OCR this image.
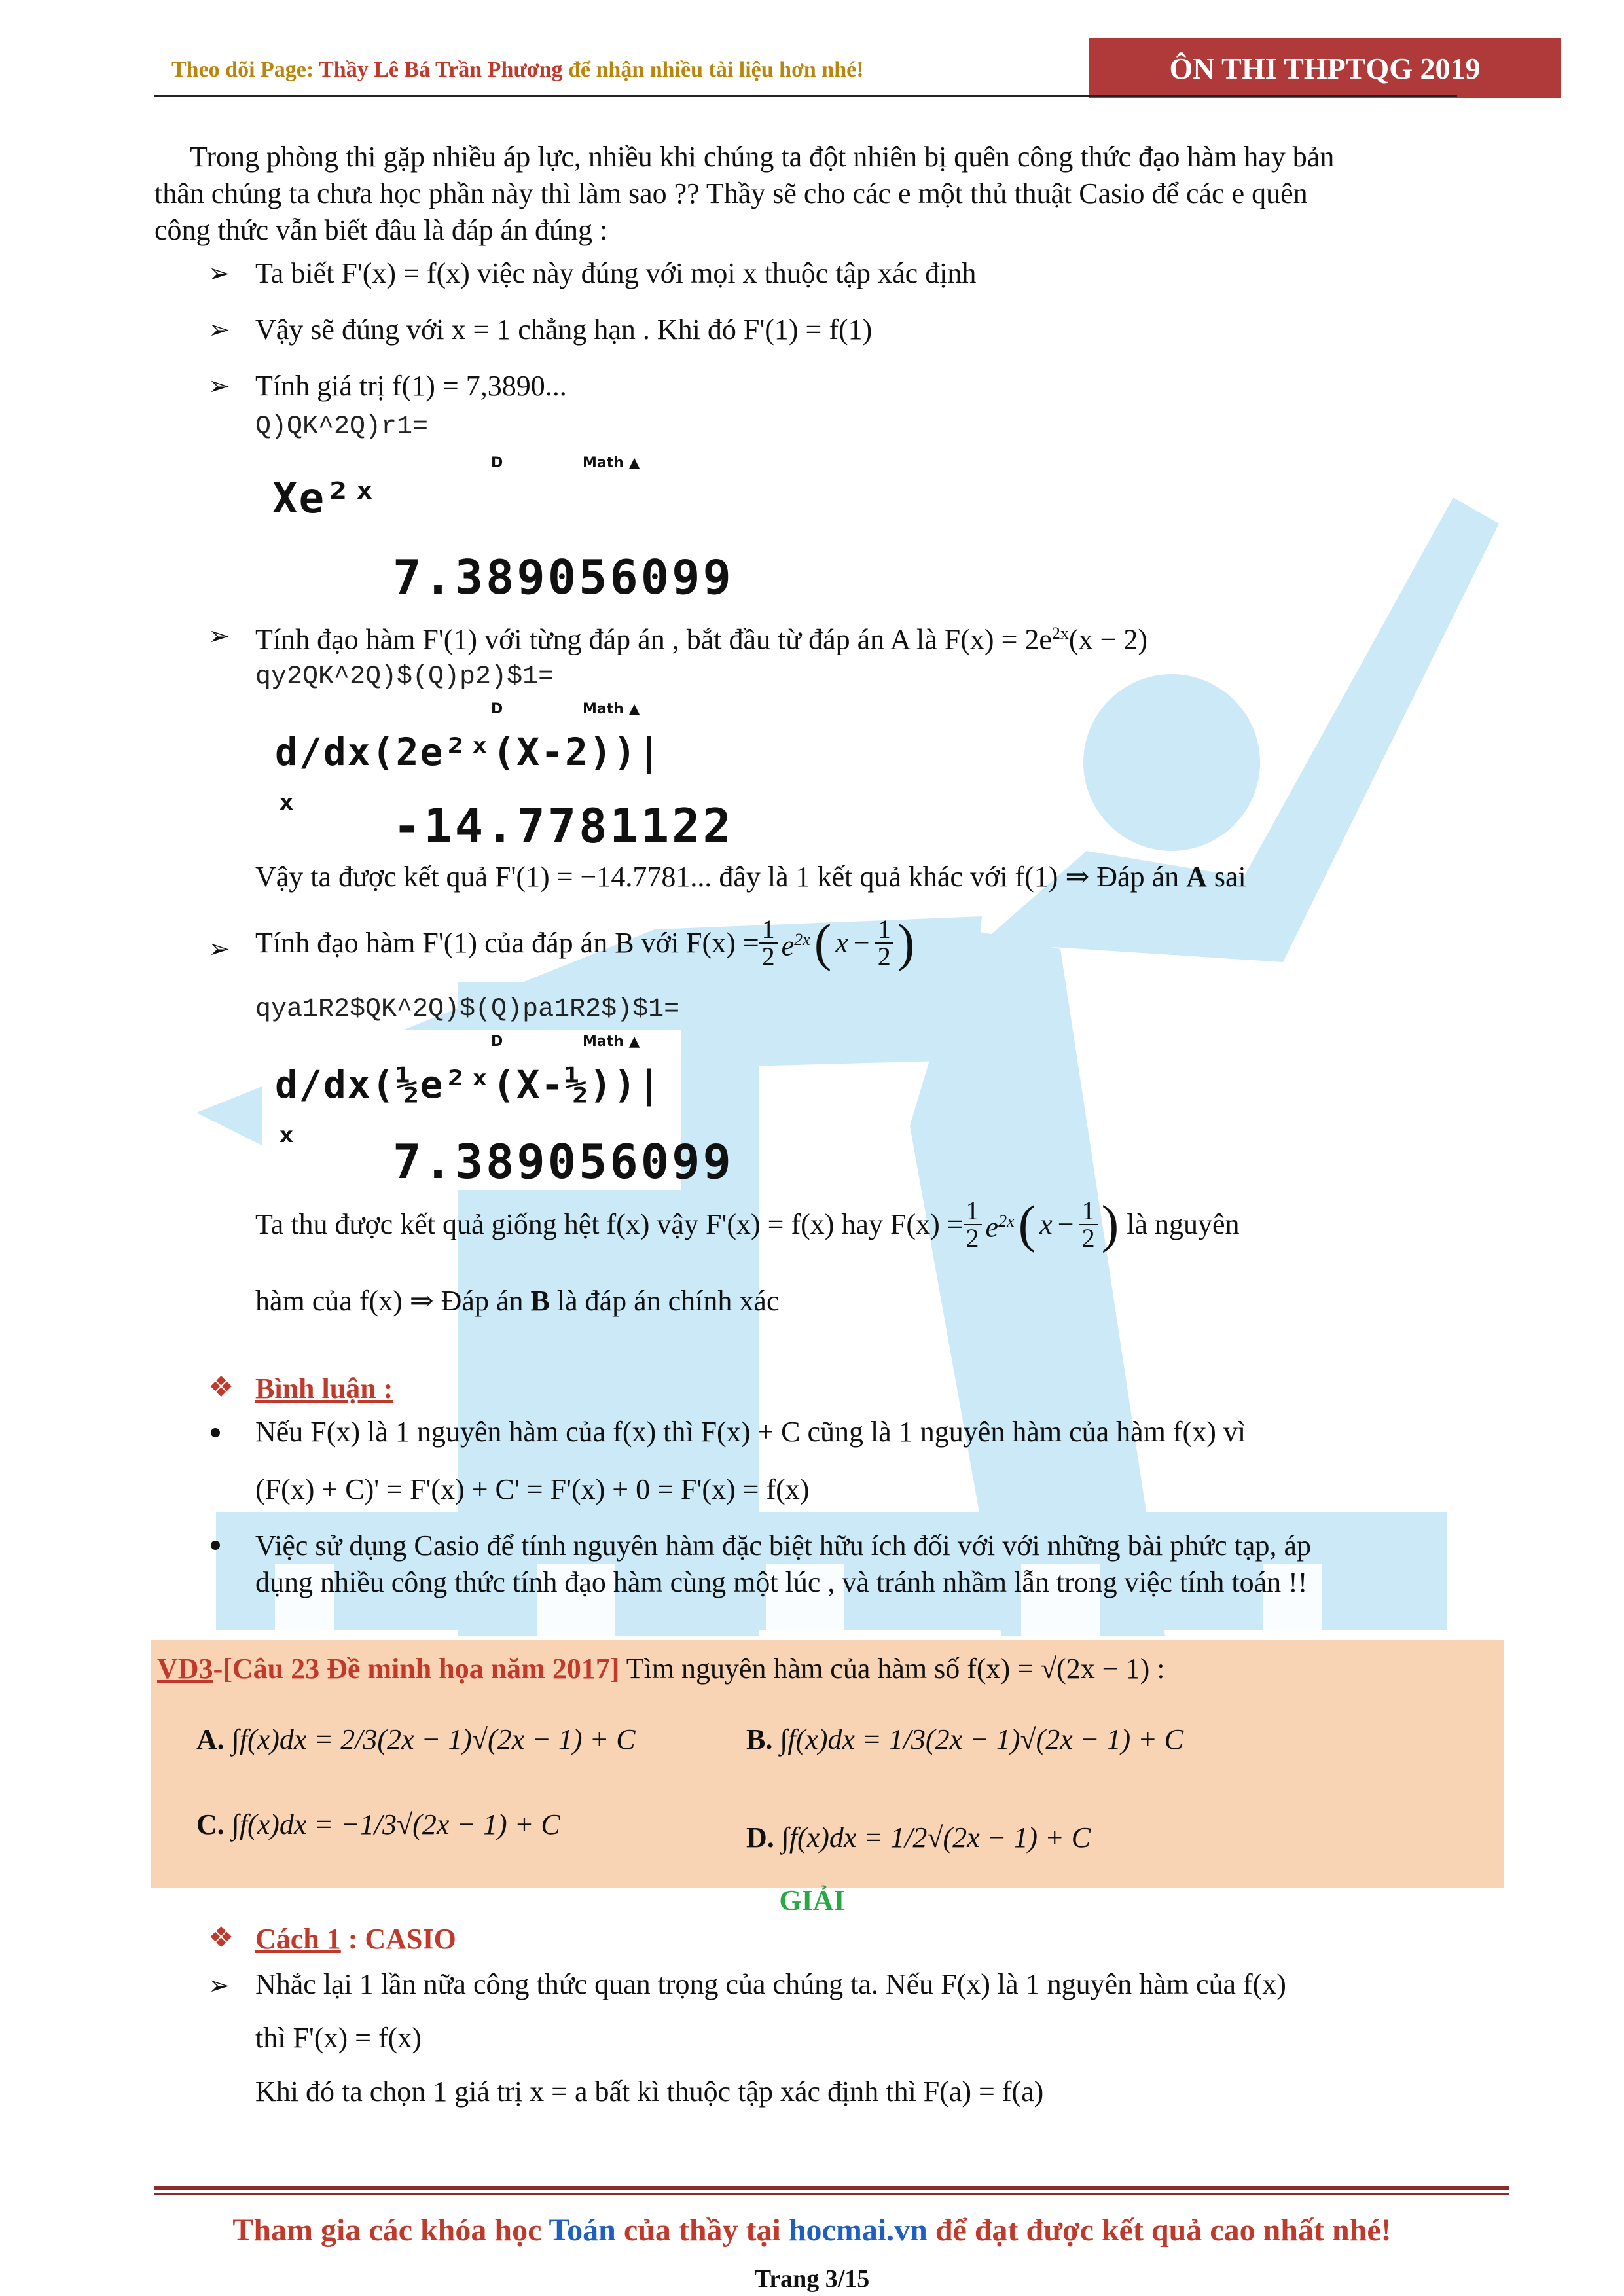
Theo dõi Page: Thầy Lê Bá Trần Phương để nhận nhiều tài liệu hơn nhé!	ÔN THI THPTQG 2019
Trong phòng thi gặp nhiều áp lực, nhiều khi chúng ta đột nhiên bị quên công thức đạo hàm hay bản
thân chúng ta chưa học phần này thì làm sao ?? Thầy sẽ cho các e một thủ thuật Casio để các e quên
công thức vẫn biết đâu là đáp án đúng :
➢ Ta biết F'(x) = f(x) việc này đúng với mọi x thuộc tập xác định
➢ Vậy sẽ đúng với x = 1 chẳng hạn . Khi đó F'(1) = f(1)
➢ Tính giá trị f(1) = 7,3890...
Q)QK^2Q)r1=
D	Math ▲
Xe²ˣ
7.389056099
➢ Tính đạo hàm F'(1) với từng đáp án , bắt đầu từ đáp án A là $F(x) = 2e^{2x}(x - 2)$
qy2QK^2Q)$(Q)p2)$1=
D	Math ▲
d/dx(2e²ˣ(X-2))|ₓ
-14.7781122
Vậy ta được kết quả F'(1) = −14.7781... đây là 1 kết quả khác với f(1) ⇒ Đáp án A sai
➢ Tính đạo hàm F'(1) của đáp án B với $F(x) = \frac{1}{2} e^{2x}$ ( $x - \frac{1}{2}$ )
qya1R2$QK^2Q)$(Q)pa1R2$)$1=
D	Math ▲
d/dx(½e²ˣ(X-½))|ₓ
7.389056099
Ta thu được kết quả giống hệt f(x) vậy F'(x) = f(x) hay $F(x) = \frac{1}{2} e^{2x}$ ( $x - \frac{1}{2}$ ) là nguyên
hàm của f(x) ⇒ Đáp án B là đáp án chính xác
❖ Bình luận :
Nếu F(x) là 1 nguyên hàm của f(x) thì F(x) + C cũng là 1 nguyên hàm của hàm f(x) vì
(F(x) + C)' = F'(x) + C' = F'(x) + 0 = F'(x) = f(x)
Việc sử dụng Casio để tính nguyên hàm đặc biệt hữu ích đối với với những bài phức tạp, áp
dụng nhiều công thức tính đạo hàm cùng một lúc , và tránh nhầm lẫn trong việc tính toán !!
VD3-[Câu 23 Đề minh họa năm 2017] Tìm nguyên hàm của hàm số f(x) = √(2x − 1) :
A. ∫f(x)dx = 2/3(2x − 1)√(2x − 1) + C	B. ∫f(x)dx = 1/3(2x − 1)√(2x − 1) + C
C. ∫f(x)dx = −1/3√(2x − 1) + C	D. ∫f(x)dx = 1/2√(2x − 1) + C
GIẢI
❖ Cách 1 : CASIO
➢ Nhắc lại 1 lần nữa công thức quan trọng của chúng ta. Nếu F(x) là 1 nguyên hàm của f(x)
thì F'(x) = f(x)
Khi đó ta chọn 1 giá trị x = a bất kì thuộc tập xác định thì F(a) = f(a)
Tham gia các khóa học Toán của thầy tại hocmai.vn để đạt được kết quả cao nhất nhé!
Trang 3/15
